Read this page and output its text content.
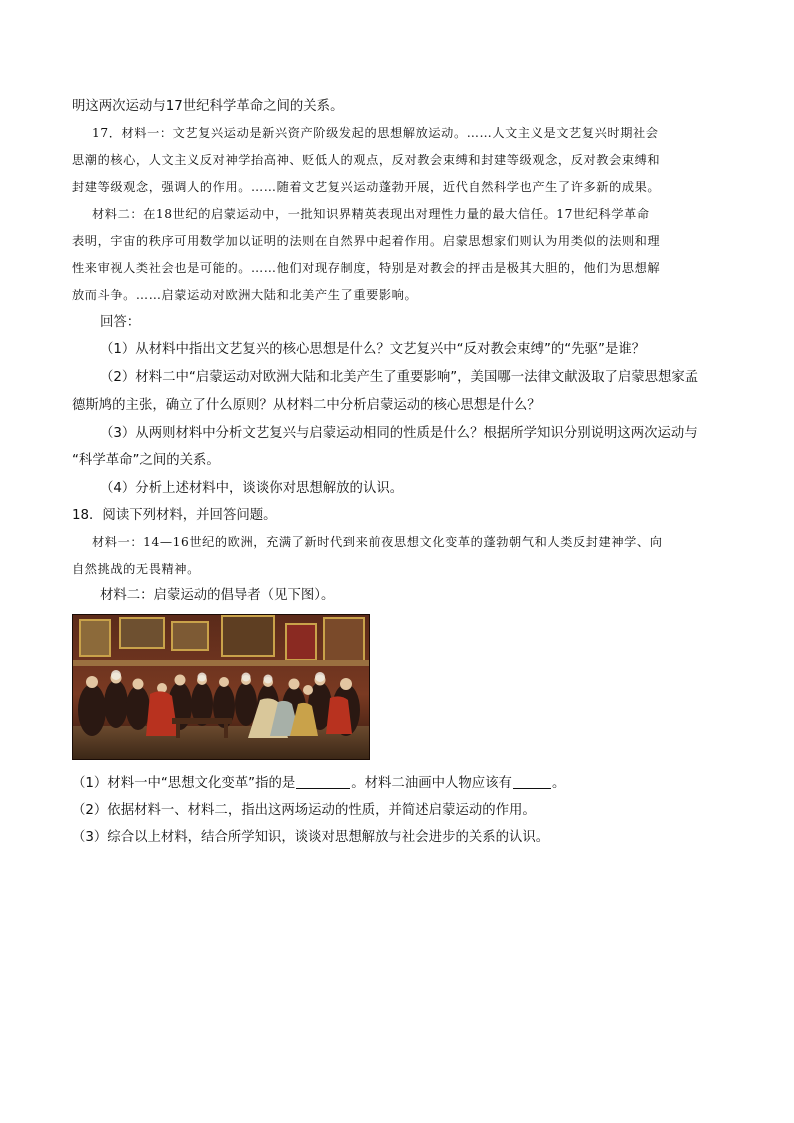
明这两次运动与17世纪科学革命之间的关系。
17．材料一：文艺复兴运动是新兴资产阶级发起的思想解放运动。……人文主义是文艺复兴时期社会
思潮的核心，人文主义反对神学抬高神、贬低人的观点，反对教会束缚和封建等级观念，反对教会束缚和
封建等级观念，强调人的作用。……随着文艺复兴运动蓬勃开展，近代自然科学也产生了许多新的成果。
材料二：在18世纪的启蒙运动中，一批知识界精英表现出对理性力量的最大信任。17世纪科学革命
表明，宇宙的秩序可用数学加以证明的法则在自然界中起着作用。启蒙思想家们则认为用类似的法则和理
性来审视人类社会也是可能的。……他们对现存制度，特别是对教会的抨击是极其大胆的，他们为思想解
放而斗争。……启蒙运动对欧洲大陆和北美产生了重要影响。
回答：
（1）从材料中指出文艺复兴的核心思想是什么？文艺复兴中“反对教会束缚”的“先驱”是谁？
（2）材料二中“启蒙运动对欧洲大陆和北美产生了重要影响”，美国哪一法律文献汲取了启蒙思想家孟
德斯鸠的主张，确立了什么原则？从材料二中分析启蒙运动的核心思想是什么？
（3）从两则材料中分析文艺复兴与启蒙运动相同的性质是什么？根据所学知识分别说明这两次运动与
“科学革命”之间的关系。
（4）分析上述材料中，谈谈你对思想解放的认识。
18．阅读下列材料，并回答问题。
材料一：14—16世纪的欧洲，充满了新时代到来前夜思想文化变革的蓬勃朝气和人类反封建神学、向
自然挑战的无畏精神。
材料二：启蒙运动的倡导者（见下图）。
（1）材料一中“思想文化变革”指的是	。材料二油画中人物应该有	。
（2）依据材料一、材料二，指出这两场运动的性质，并简述启蒙运动的作用。
（3）综合以上材料，结合所学知识，谈谈对思想解放与社会进步的关系的认识。
